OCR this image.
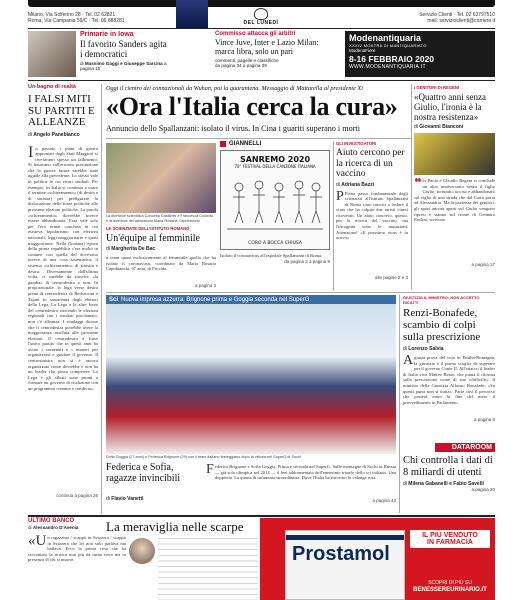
Milano, Via Solferino 28 · Tel. 02 62821
Roma, Via Campania 59/C · Tel. 06 688281	DEL LUNEDÌ
Servizio Clienti · Tel. 02 63797510
mail: servizioclienti@corriere.it
Primarie in Iowa
Il favorito Sanders agita i democratici
di Massimo Gaggi e Giuseppe Sarcina a pagina 15
Commisso attacca gli arbitri
Vince Juve, Inter e Lazio Milan: marca libra, solo un pari
commenti, pagelle e classifiche
da pagina 34 a pagina 39
Modenantiquaria
XXXIV MOSTRA DI MANTIQUARIATO
ModenaFiere
8-16 FEBBRAIO 2020
WWW.MODENANTIQUARIA.IT
Un bagno di realtà
I FALSI MITI SU PARTITI E ALLEANZE
di Angelo Panebianco
In passato i piani di guerra approntati dagli Stati Maggiori si rivelavano spesso un fallimento. Si basavano sull'erronea presunzione che la guerra futura sarebbe stata uguale alla precedente. Lo stesso vale in politica le cui errori studiati. Per esempio, in Italia si continua a usare il termine «schieramento» (di destra e di sinistra) per prefigurare la dislocazione delle forze politiche alle prossime elezioni politiche. La parola «schieramento» dovrebbe invece essere abbandonata. Essa vale solo per l'era ormai conclusa in cui esisteva bipolarismo con elezioni nazionali, leggi maggioritarie e quasi maggioritarie. Nella (lontana) epoca della prima repubblica c'era molto in comune con quella del dovevano invece di una cosa sistematica, il sistema «schieramento» di sinistra e destra. Diversamente dall'ultima volta, ci sarebbe da riuscire «la gamba» di centrodestra o non. In proporzionale, la fuga verso destra piena di centrodestra di Berlusconi e Tajani fu sanzionata dagli elettori della Lega. La Lega e le altre forze del centrodestra vincendo le elezioni regionali con i risultati proclamato, non c'è alleanza. I sondaggi dicono che il centrodestra potrebbe avere la maggioranza assoluta alle prossime elezioni. Il centrodestra è forse l'unico partito che in questi anni ha avuto i contenuti e i numeri per organizzarsi e guidare il governo. Il centrosinistra non si è ancora organizzato come dovrebbe e non ha un leader che possa competere. La Lega e gli alleati sono pronti a formare un governo di coalizione con un programma comune e condiviso.
continua a pagina 26
Oggi il rientro dei connazionali da Wuhan, poi la quarantena. Messaggio di Mattarella al presidente Xi
«Ora l'Italia cerca la cura»
Annuncio dello Spallanzani: isolato il virus. In Cina i guariti superano i morti
La direttrice scientifica Concetta Castilletti e Francesca Colavita e la direttrice del laboratorio Maria Rosaria Capobianchi
LE SCIENZIATE DELL'ISTITUTO ROMANO
Un'équipe al femminile
di Margherita De Bac
n team quasi esclusivamente al femminile quello che ha isolato il coronavirus, coordinato da Maria Rosaria Capobianchi, 67 anni, di Procida.
a pagina 3
GIANNELLI
SANREMO 2020
70° FESTIVAL DELLA CANZONE ITALIANA
CORO A BOCCA CHIUSA
Isolato il coronavirus all'ospedale Spallanzani di Roma.
da pagina 2 a pagina 9
GLI INVESTIGATORI
Aiuto cercono per la ricerca di un vaccino
di Adriana Bazzi
P Pieno passo fondamentale degli scienziati all'istituto Spallanzani di Roma sono riusciti a isolare il virus che ha colpito due turisti cinesi ricoverati. Un aiuto concreto, questo, per la ricerca del vaccino, ma l'incognita sono le mutazioni. Attenzione! «Il prossimo virus è in arrivo»
alle pagine 2 e 3
I GENITORI DI REGENI
«Quattro anni senza Giulio, l'ironia è la nostra resistenza»
di Giovanni Bianconi
❝ er Paola e Claudio Regeni si conclude un altro anniversario senza il figlio Giulio, torturato, ucciso e abbandonato sul ciglio di una strada che dal Cairo porta ad Alessandria. Ma la pazienza dei genitori, gli spazi ancora aperti sul Giulio vengono ripresi e stanno sul fronte di Gennaro Paolini, scrivono.
a pagina 17
Sci Nuova impresa azzurra: Brignone prima e Goggia seconda nel SuperG
Sofia Goggia (27 anni) e Federica Brignone (29) con il team italiano festeggiano dopo la vittoria nel SuperG di Sochi
Federica e Sofia, ragazze invincibili
di Flavio Vanetti
Federica Brignone e Sofia Goggia. Prima e seconda nel SuperG. Sulle montagne di Sochi in Russia — già solo olimpica nel 2014 — il feet addormentato dell'ennesimo trionfo dello sci italiano. Una doppietta. La quarta di un'annata straordinaria. Dove l'Italia ha ritrovato la valanga rosa.
a pagina 43
GIUSTIZIA IL MINISTRO: NON ACCETTO RICATTI
Renzi-Bonafede, scambio di colpi sulla prescrizione
di Lorenzo Salvia
Agiusta prova del voto in Emilia-Romagna, la giustizia è il primo scoglio da superare per il governo Conte II. All'attacco il leader di Italia viva Matteo Renzi, che punta il riforma sulla prescrizione come di suo «difficile». Il ministro della Giustizia Alfonso Bonafede: «Su questi punti non si tratta». Parte così il percorso che porterà entro la fine del mese il provvedimento in Parlamento.
a pagina 8
DATAROOM
Chi controlla i dati di 8 miliardi di utenti
di Milena Gabanelli e Fabio Savelli
a pagina 20
ULTIMO BANCO
di Alessandro D'Avenia La meraviglia nelle scarpe
«Un ragazzino / scappò in Svizzera / scappò in Svizzera che lei non solo parlava ma ballava. Ecco la prima cosa che ha raccontato la ricerca non più da turno terra ma in presenza di chi si muove.	Prostamol
IL PIÙ VENDUTO
IN FARMACIA
SCOPRI DI PIÙ SU
BENESSEREURINARIO.IT
